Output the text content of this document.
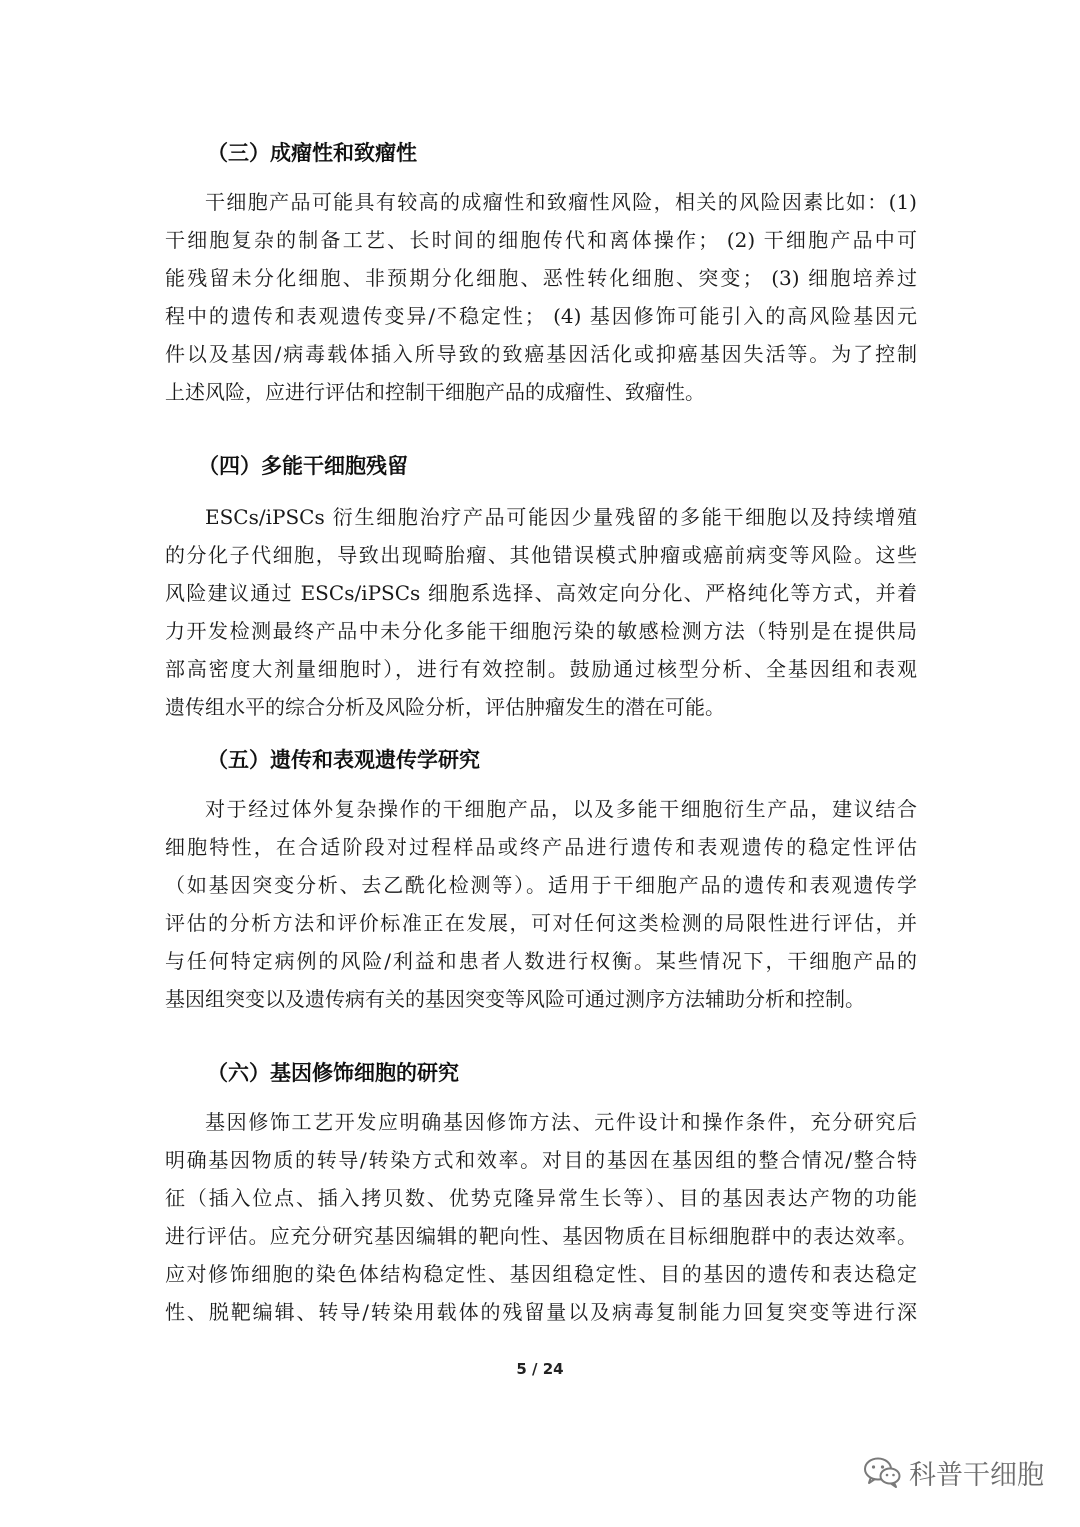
（三）成瘤性和致瘤性
干细胞产品可能具有较高的成瘤性和致瘤性风险，相关的风险因素比如：(1)
干细胞复杂的制备工艺、长时间的细胞传代和离体操作； (2) 干细胞产品中可
能残留未分化细胞、非预期分化细胞、恶性转化细胞、突变； (3) 细胞培养过
程中的遗传和表观遗传变异/不稳定性； (4) 基因修饰可能引入的高风险基因元
件以及基因/病毒载体插入所导致的致癌基因活化或抑癌基因失活等。为了控制
上述风险，应进行评估和控制干细胞产品的成瘤性、致瘤性。
（四）多能干细胞残留
ESCs/iPSCs 衍生细胞治疗产品可能因少量残留的多能干细胞以及持续增殖
的分化子代细胞，导致出现畸胎瘤、其他错误模式肿瘤或癌前病变等风险。这些
风险建议通过 ESCs/iPSCs 细胞系选择、高效定向分化、严格纯化等方式，并着
力开发检测最终产品中未分化多能干细胞污染的敏感检测方法（特别是在提供局
部高密度大剂量细胞时），进行有效控制。鼓励通过核型分析、全基因组和表观
遗传组水平的综合分析及风险分析，评估肿瘤发生的潜在可能。
（五）遗传和表观遗传学研究
对于经过体外复杂操作的干细胞产品，以及多能干细胞衍生产品，建议结合
细胞特性，在合适阶段对过程样品或终产品进行遗传和表观遗传的稳定性评估
（如基因突变分析、去乙酰化检测等）。适用于干细胞产品的遗传和表观遗传学
评估的分析方法和评价标准正在发展，可对任何这类检测的局限性进行评估，并
与任何特定病例的风险/利益和患者人数进行权衡。某些情况下，干细胞产品的
基因组突变以及遗传病有关的基因突变等风险可通过测序方法辅助分析和控制。
（六）基因修饰细胞的研究
基因修饰工艺开发应明确基因修饰方法、元件设计和操作条件，充分研究后
明确基因物质的转导/转染方式和效率。对目的基因在基因组的整合情况/整合特
征（插入位点、插入拷贝数、优势克隆异常生长等）、目的基因表达产物的功能
进行评估。应充分研究基因编辑的靶向性、基因物质在目标细胞群中的表达效率。
应对修饰细胞的染色体结构稳定性、基因组稳定性、目的基因的遗传和表达稳定
性、脱靶编辑、转导/转染用载体的残留量以及病毒复制能力回复突变等进行深
5 / 24
科普干细胞
